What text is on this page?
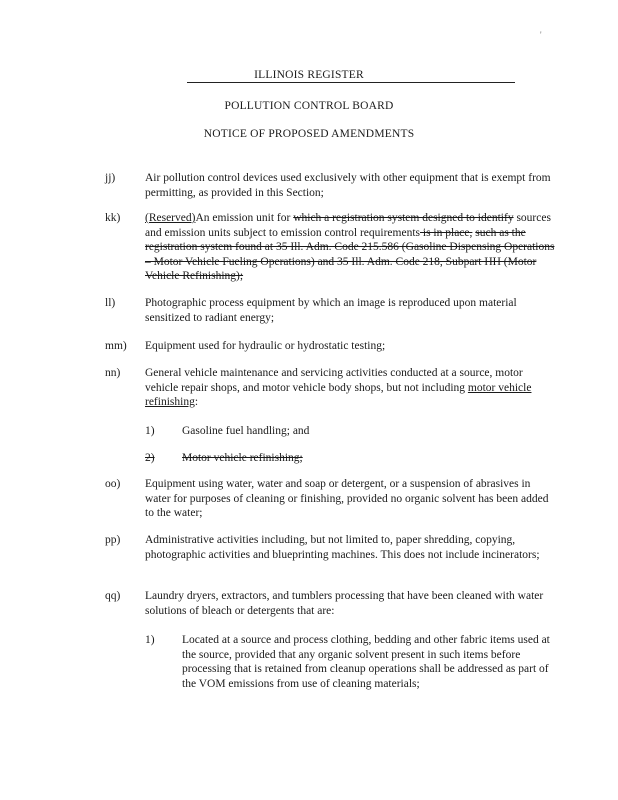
'
ILLINOIS REGISTER
POLLUTION CONTROL BOARD
NOTICE OF PROPOSED AMENDMENTS
jj)	Air pollution control devices used exclusively with other equipment that is exempt from permitting, as provided in this Section;
kk)	(Reserved)An emission unit for which a registration system designed to identify sources and emission units subject to emission control requirements is in place, such as the registration system found at 35 Ill. Adm. Code 215.586 (Gasoline Dispensing Operations – Motor Vehicle Fueling Operations) and 35 Ill. Adm. Code 218, Subpart HH (Motor Vehicle Refinishing);
ll)	Photographic process equipment by which an image is reproduced upon material sensitized to radiant energy;
mm)	Equipment used for hydraulic or hydrostatic testing;
nn)	General vehicle maintenance and servicing activities conducted at a source, motor vehicle repair shops, and motor vehicle body shops, but not including motor vehicle refinishing:
1)	Gasoline fuel handling; and
2)	Motor vehicle refinishing;
oo)	Equipment using water, water and soap or detergent, or a suspension of abrasives in water for purposes of cleaning or finishing, provided no organic solvent has been added to the water;
pp)	Administrative activities including, but not limited to, paper shredding, copying, photographic activities and blueprinting machines. This does not include incinerators;
qq)	Laundry dryers, extractors, and tumblers processing that have been cleaned with water solutions of bleach or detergents that are:
1)	Located at a source and process clothing, bedding and other fabric items used at the source, provided that any organic solvent present in such items before processing that is retained from cleanup operations shall be addressed as part of the VOM emissions from use of cleaning materials;
